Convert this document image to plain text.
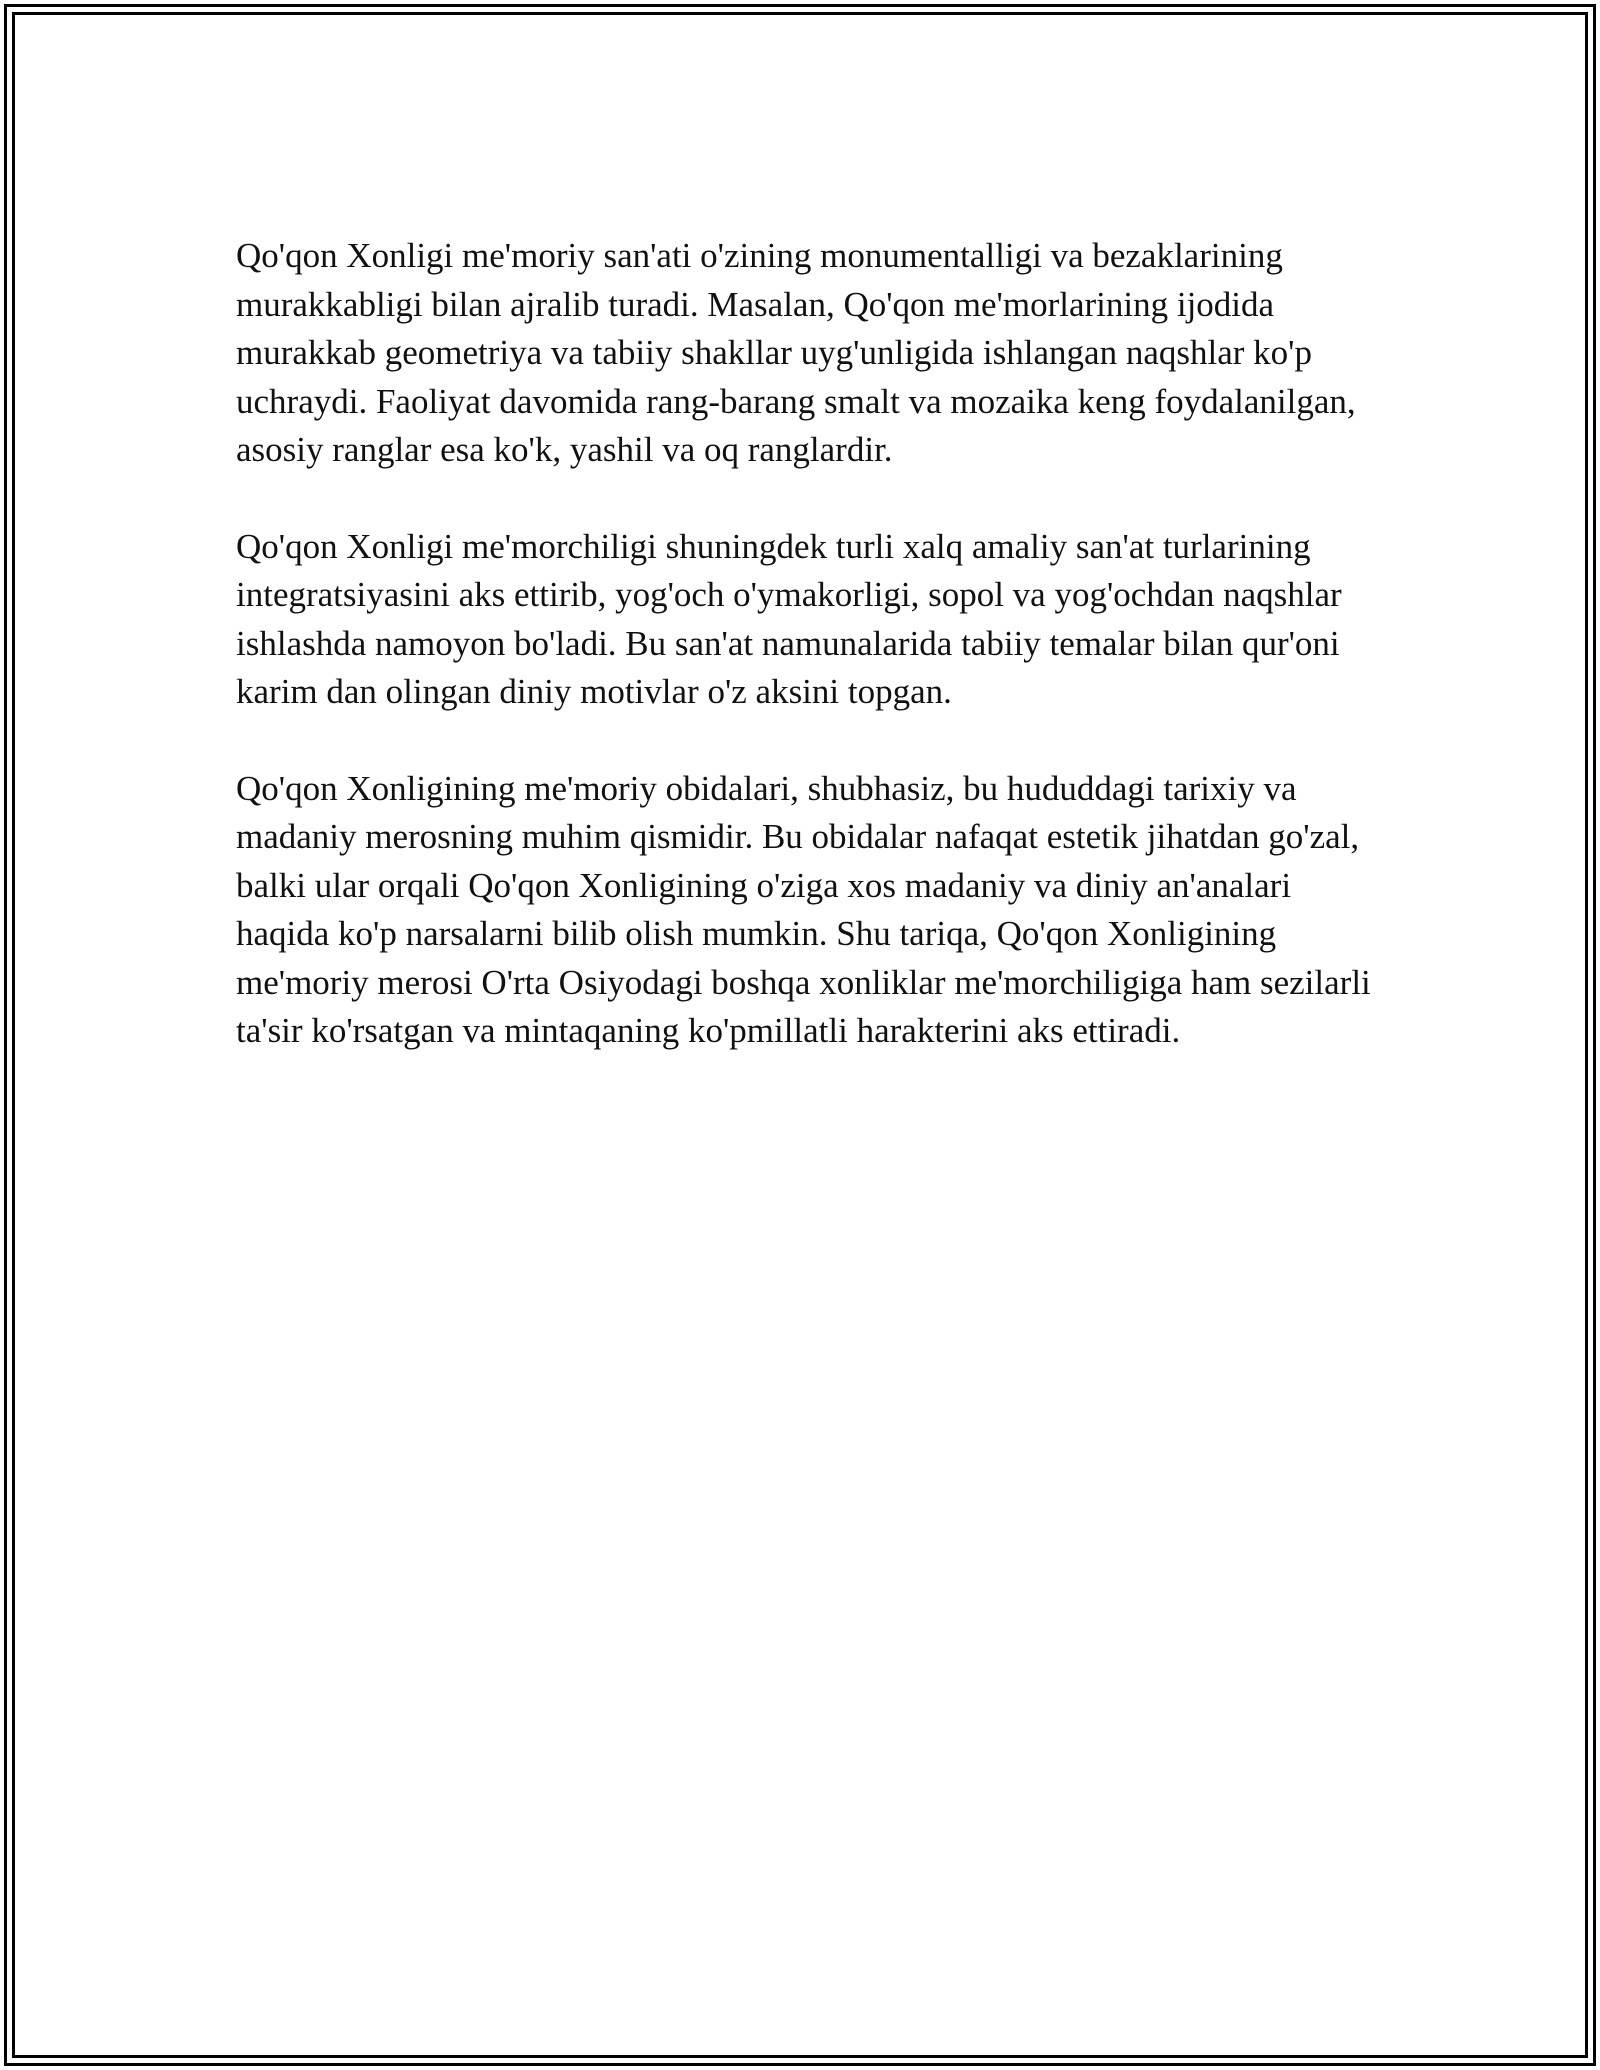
Qo'qon Xonligi me'moriy san'ati o'zining monumentalligi va bezaklarining murakkabligi bilan ajralib turadi. Masalan, Qo'qon me'morlarining ijodida murakkab geometriya va tabiiy shakllar uyg'unligida ishlangan naqshlar ko'p uchraydi. Faoliyat davomida rang-barang smalt va mozaika keng foydalanilgan, asosiy ranglar esa ko'k, yashil va oq ranglardir.

Qo'qon Xonligi me'morchiligi shuningdek turli xalq amaliy san'at turlarining integratsiyasini aks ettirib, yog'och o'ymakorligi, sopol va yog'ochdan naqshlar ishlashda namoyon bo'ladi. Bu san'at namunalarida tabiiy temalar bilan qur'oni karim dan olingan diniy motivlar o'z aksini topgan.

Qo'qon Xonligining me'moriy obidalari, shubhasiz, bu hududdagi tarixiy va madaniy merosning muhim qismidir. Bu obidalar nafaqat estetik jihatdan go'zal, balki ular orqali Qo'qon Xonligining o'ziga xos madaniy va diniy an'analari haqida ko'p narsalarni bilib olish mumkin. Shu tariqa, Qo'qon Xonligining me'moriy merosi O'rta Osiyodagi boshqa xonliklar me'morchiligiga ham sezilarli ta'sir ko'rsatgan va mintaqaning ko'pmillatli harakterini aks ettiradi.
